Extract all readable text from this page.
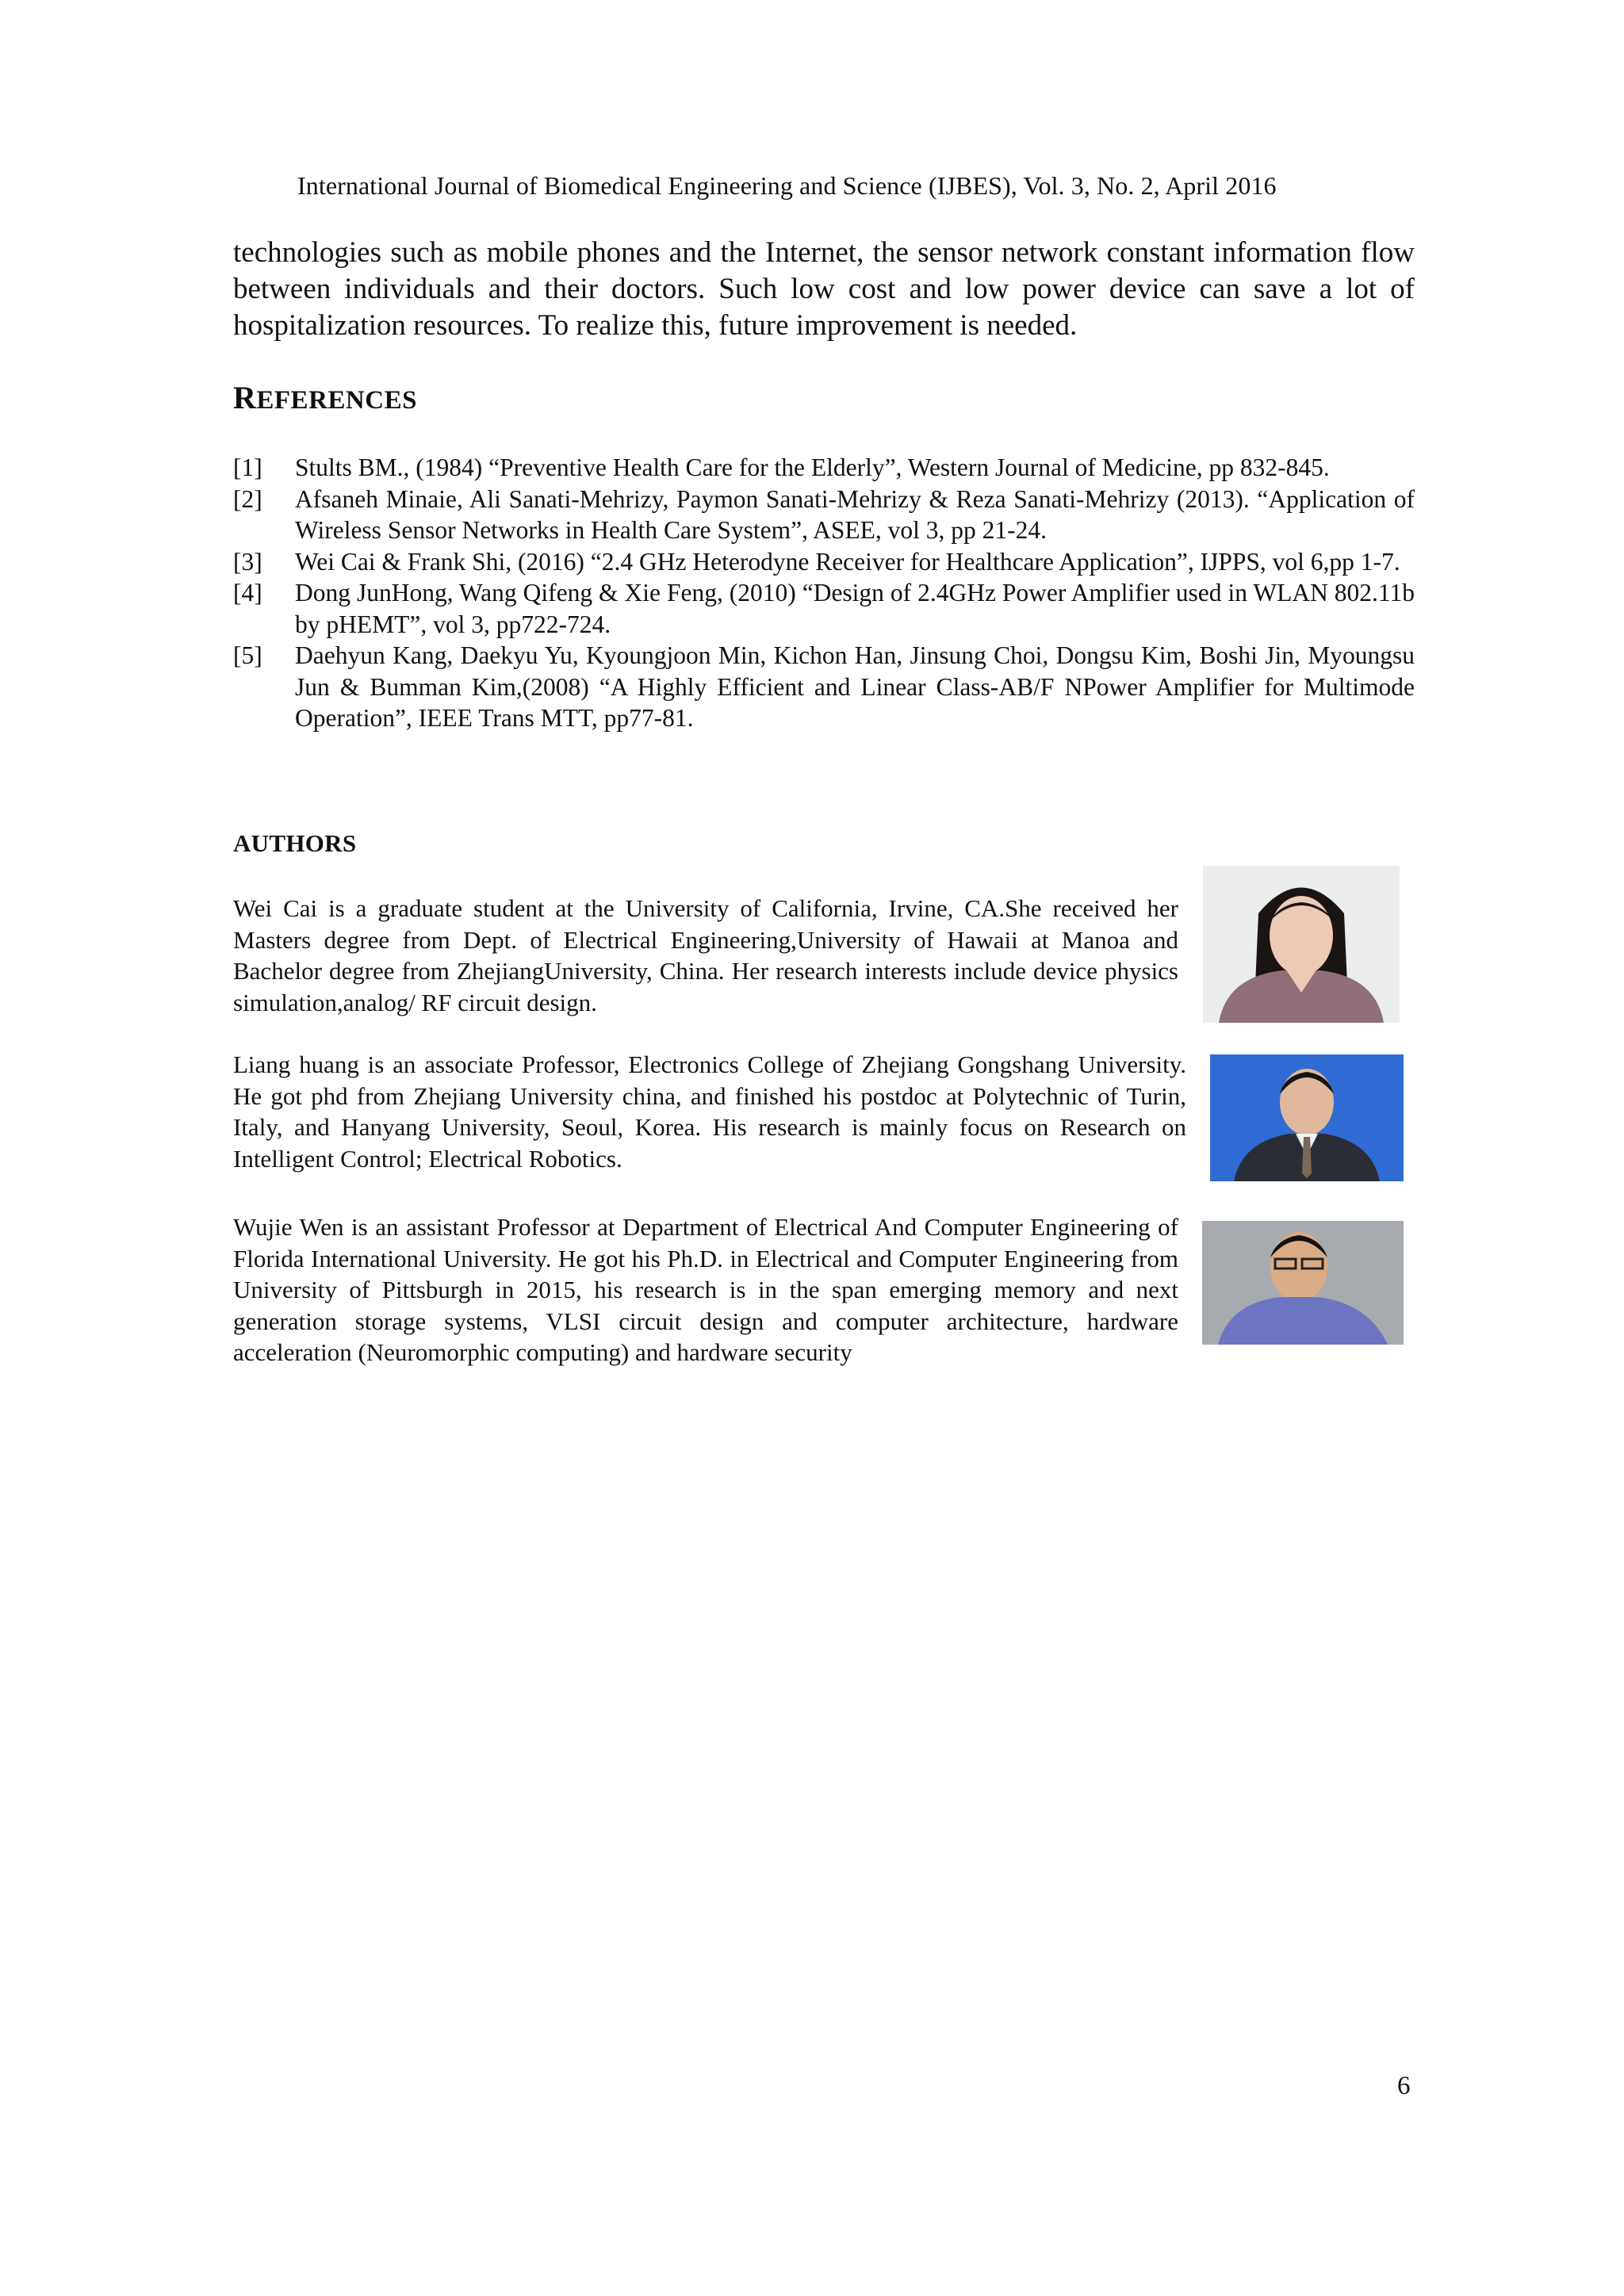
International Journal of Biomedical Engineering and Science (IJBES), Vol. 3, No. 2, April 2016

technologies such as mobile phones and the Internet, the sensor network constant information flow between individuals and their doctors. Such low cost and low power device can save a lot of hospitalization resources. To realize this, future improvement is needed.

REFERENCES
[1] Stults BM., (1984) “Preventive Health Care for the Elderly”, Western Journal of Medicine, pp 832-845.
[2] Afsaneh Minaie, Ali Sanati-Mehrizy, Paymon Sanati-Mehrizy & Reza Sanati-Mehrizy (2013). “Application of Wireless Sensor Networks in Health Care System”, ASEE, vol 3, pp 21-24.
[3] Wei Cai & Frank Shi, (2016) “2.4 GHz Heterodyne Receiver for Healthcare Application”, IJPPS, vol 6,pp 1-7.
[4] Dong JunHong, Wang Qifeng & Xie Feng, (2010) “Design of 2.4GHz Power Amplifier used in WLAN 802.11b by pHEMT”, vol 3, pp722-724.
[5] Daehyun Kang, Daekyu Yu, Kyoungjoon Min, Kichon Han, Jinsung Choi, Dongsu Kim, Boshi Jin, Myoungsu Jun & Bumman Kim,(2008) “A Highly Efficient and Linear Class-AB/F NPower Amplifier for Multimode Operation”, IEEE Trans MTT, pp77-81.
AUTHORS

Wei Cai is a graduate student at the University of California, Irvine, CA.She received her Masters degree from Dept. of Electrical Engineering,University of Hawaii at Manoa and Bachelor degree from ZhejiangUniversity, China. Her research interests include device physics simulation,analog/ RF circuit design.

Liang huang is an associate Professor, Electronics College of Zhejiang Gongshang University. He got phd from Zhejiang University china, and finished his postdoc at Polytechnic of Turin, Italy, and Hanyang University, Seoul, Korea. His research is mainly focus on Research on Intelligent Control; Electrical Robotics.

Wujie Wen is an assistant Professor at Department of Electrical And Computer Engineering of Florida International University. He got his Ph.D. in Electrical and Computer Engineering from University of Pittsburgh in 2015, his research is in the span emerging memory and next generation storage systems, VLSI circuit design and computer architecture, hardware acceleration (Neuromorphic computing) and hardware security

6
